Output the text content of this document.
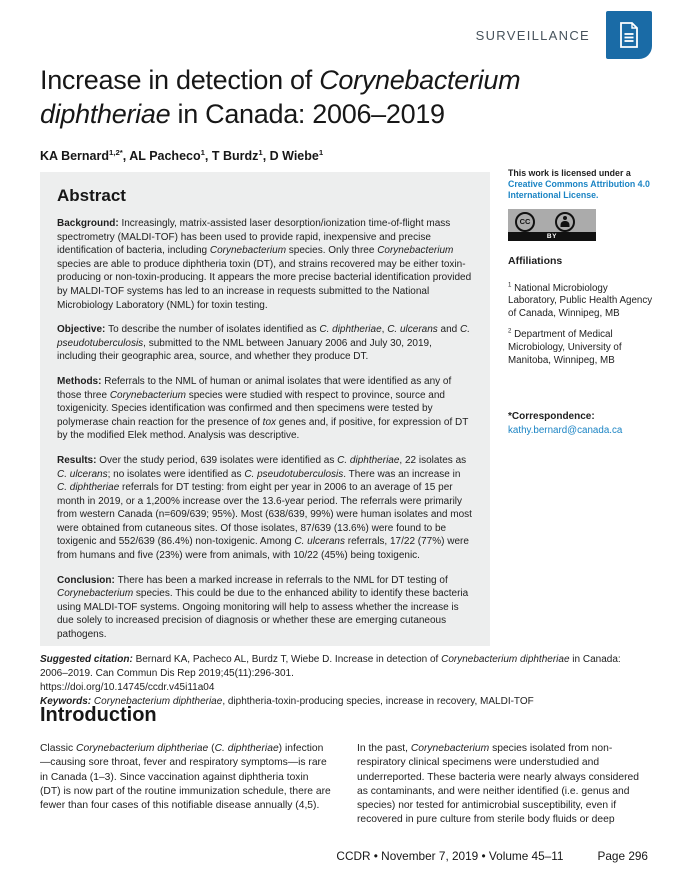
SURVEILLANCE
Increase in detection of Corynebacterium
diphtheriae in Canada: 2006–2019
KA Bernard$^{1,2*}$, AL Pacheco$^1$, T Burdz$^1$, D Wiebe$^1$
Abstract

Background: Increasingly, matrix-assisted laser desorption/ionization time-of-flight mass spectrometry (MALDI-TOF) has been used to provide rapid, inexpensive and precise identification of bacteria, including Corynebacterium species. Only three Corynebacterium species are able to produce diphtheria toxin (DT), and strains recovered may be either toxin-producing or non-toxin-producing. It appears the more precise bacterial identification provided by MALDI-TOF systems has led to an increase in requests submitted to the National Microbiology Laboratory (NML) for toxin testing.

Objective: To describe the number of isolates identified as C. diphtheriae, C. ulcerans and C. pseudotuberculosis, submitted to the NML between January 2006 and July 30, 2019, including their geographic area, source, and whether they produce DT.

Methods: Referrals to the NML of human or animal isolates that were identified as any of those three Corynebacterium species were studied with respect to province, source and toxigenicity. Species identification was confirmed and then specimens were tested by polymerase chain reaction for the presence of tox genes and, if positive, for expression of DT by the modified Elek method. Analysis was descriptive.

Results: Over the study period, 639 isolates were identified as C. diphtheriae, 22 isolates as C. ulcerans; no isolates were identified as C. pseudotuberculosis. There was an increase in C. diphtheriae referrals for DT testing: from eight per year in 2006 to an average of 15 per month in 2019, or a 1,200% increase over the 13.6-year period. The referrals were primarily from western Canada (n=609/639; 95%). Most (638/639, 99%) were human isolates and most were obtained from cutaneous sites. Of those isolates, 87/639 (13.6%) were found to be toxigenic and 552/639 (86.4%) non-toxigenic. Among C. ulcerans referrals, 17/22 (77%) were from humans and five (23%) were from animals, with 10/22 (45%) being toxigenic.

Conclusion: There has been a marked increase in referrals to the NML for DT testing of Corynebacterium species. This could be due to the enhanced ability to identify these bacteria using MALDI-TOF systems. Ongoing monitoring will help to assess whether the increase is due solely to increased precision of diagnosis or whether these are emerging cutaneous pathogens.

This work is licensed under a Creative Commons Attribution 4.0 International License.

CC
BY
Affiliations

$^1$ National Microbiology Laboratory, Public Health Agency of Canada, Winnipeg, MB

$^2$ Department of Medical Microbiology, University of Manitoba, Winnipeg, MB

*Correspondence:

kathy.bernard@canada.ca

Suggested citation: Bernard KA, Pacheco AL, Burdz T, Wiebe D. Increase in detection of Corynebacterium diphtheriae in Canada: 2006–2019. Can Commun Dis Rep 2019;45(11):296-301.

https://doi.org/10.14745/ccdr.v45i11a04

Keywords: Corynebacterium diphtheriae, diphtheria-toxin-producing species, increase in recovery, MALDI-TOF

Introduction

Classic Corynebacterium diphtheriae (C. diphtheriae) infection—causing sore throat, fever and respiratory symptoms—is rare in Canada (1–3). Since vaccination against diphtheria toxin (DT) is now part of the routine immunization schedule, there are fewer than four cases of this notifiable disease annually (4,5).

In the past, Corynebacterium species isolated from non-respiratory clinical specimens were understudied and underreported. These bacteria were nearly always considered as contaminants, and were neither identified (i.e. genus and species) nor tested for antimicrobial susceptibility, even if recovered in pure culture from sterile body fluids or deep

CCDR • November 7, 2019 • Volume 45–11	Page 296
